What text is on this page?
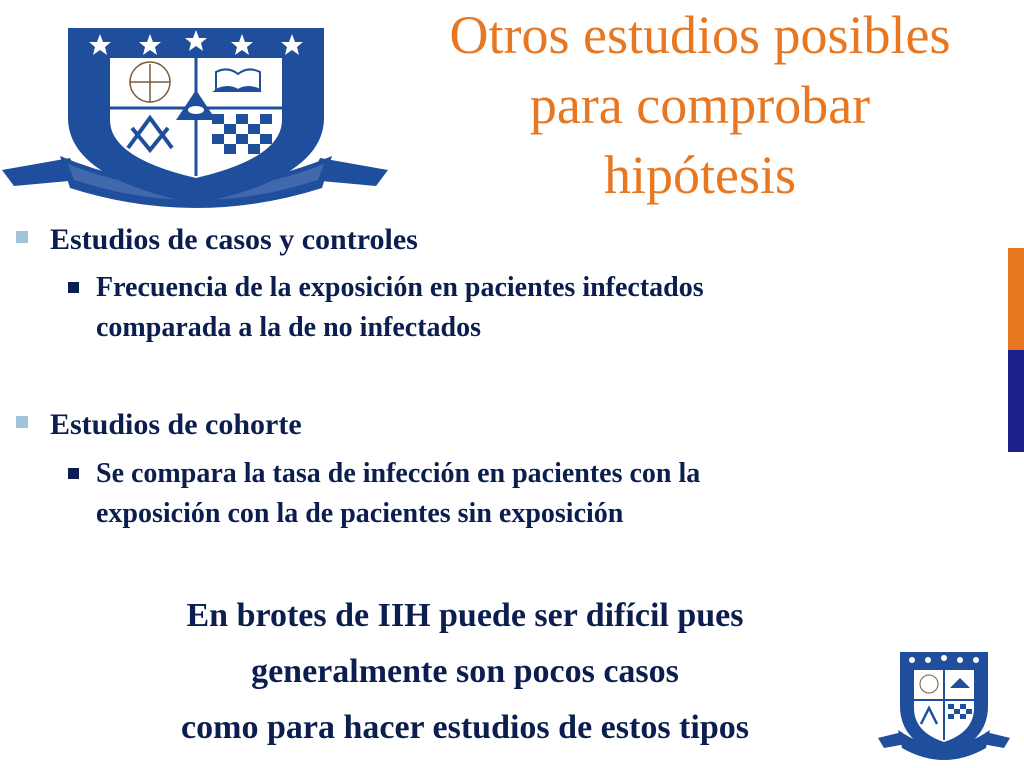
Otros estudios posibles
para comprobar
hipótesis
Estudios de casos y controles
Frecuencia de la exposición en pacientes infectados
comparada a la de no infectados
Estudios de cohorte
Se compara la tasa de infección en pacientes con la
exposición con la de pacientes sin exposición
En brotes de IIH puede ser difícil pues
generalmente son pocos casos
como para hacer estudios de estos tipos
